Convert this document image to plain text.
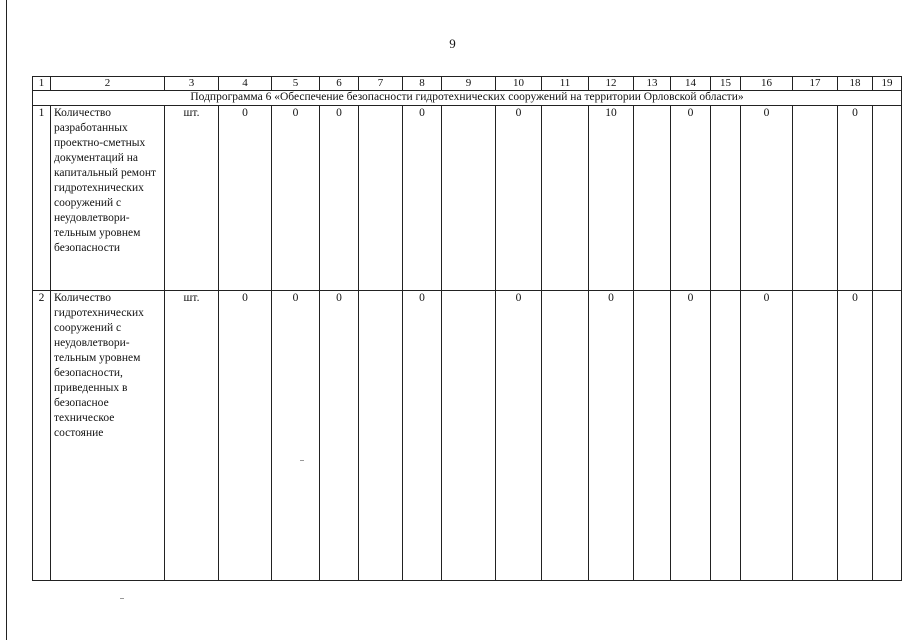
9
1	2	3	4	5	6	7	8	9	10	11	12	13	14	15	16	17	18	19
Подпрограмма 6 «Обеспечение безопасности гидротехнических сооружений на территории Орловской области»																		
1	Количество разработанных проектно-сметных документаций на капитальный ремонт гидротехнических сооружений с неудовлетвори-тельным уровнем безопасности	шт.	0	0	0		0		0		10		0		0		0	
2	Количество гидротехнических сооружений с неудовлетвори-тельным уровнем безопасности, приведенных в безопасное техническое состояние	шт.	0	0	0		0		0		0		0		0		0	
